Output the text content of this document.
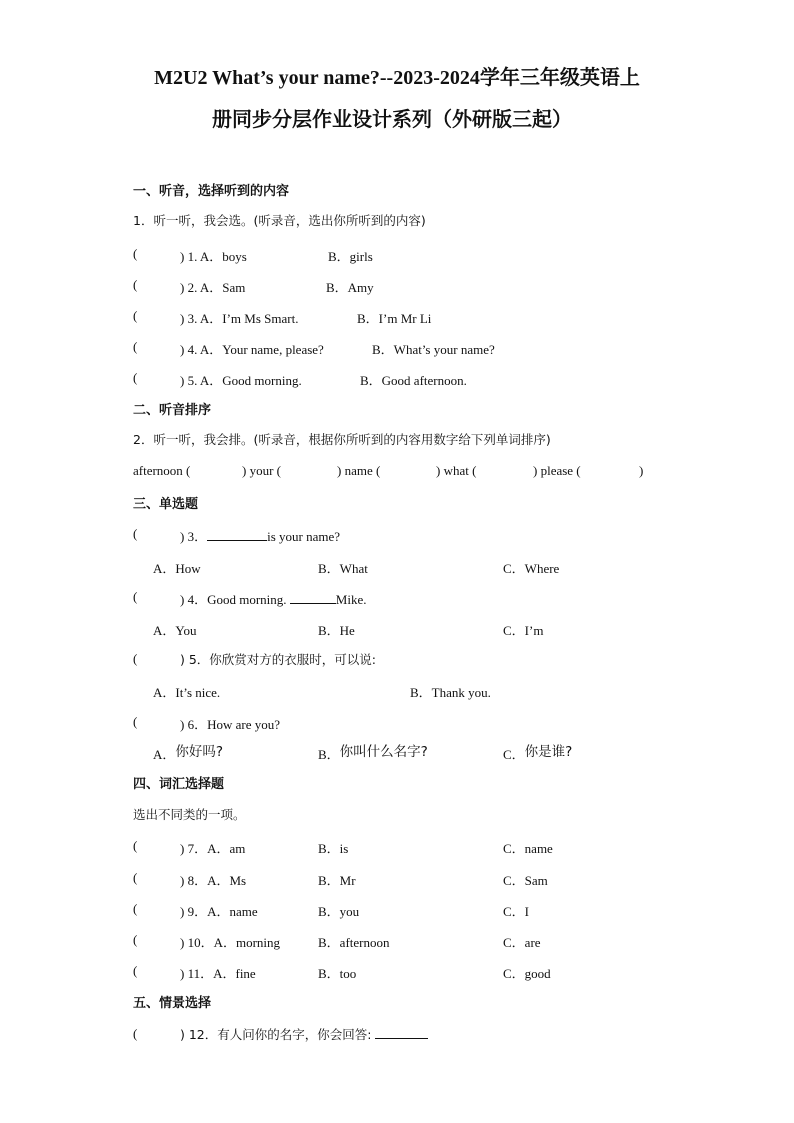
M2U2 What’s your name?--2023-2024学年三年级英语上
册同步分层作业设计系列（外研版三起）
一、听音，选择听到的内容
1．听一听，我会选。(听录音，选出你所听到的内容)
(	) 1. A．boys	B．girls
(	) 2. A．Sam	B．Amy
(	) 3. A．I’m Ms Smart.	B．I’m Mr Li
(	) 4. A．Your name, please?	B．What’s your name?
(	) 5. A．Good morning.	B．Good afternoon.
二、听音排序
2．听一听，我会排。(听录音，根据你所听到的内容用数字给下列单词排序)
afternoon (	) your (	) name (	) what (	) please (	)
三、单选题
(	) 3．	is your name?
A．How	B．What	C．Where
(	) 4．Good morning.	Mike.
A．You	B．He	C．I’m
(	) 5．你欣赏对方的衣服时，可以说:
A．It’s nice.	B．Thank you.
(	) 6．How are you?
A．你好吗?	B．你叫什么名字?	C．你是谁?
四、词汇选择题
选出不同类的一项。
(	) 7．A．am	B．is	C．name
(	) 8．A．Ms	B．Mr	C．Sam
(	) 9．A．name	B．you	C．I
(	) 10．A．morning	B．afternoon	C．are
(	) 11．A．fine	B．too	C．good
五、情景选择
(	) 12．有人问你的名字，你会回答:
